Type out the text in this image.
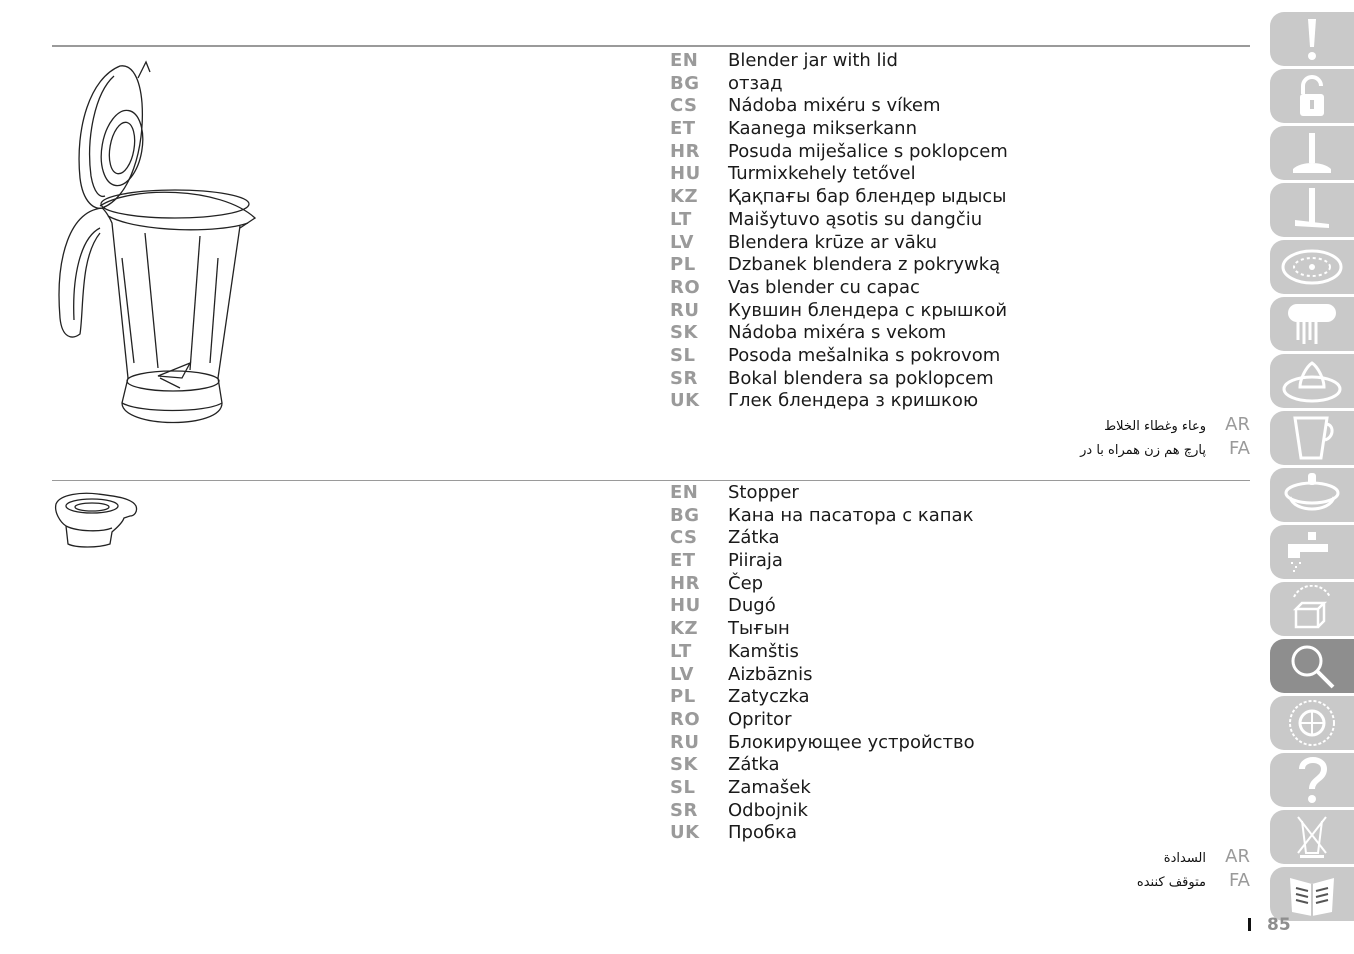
EN Blender jar with lid
BG отзад
CS Nádoba mixéru s víkem
ET Kaanega mikserkann
HR Posuda miješalice s poklopcem
HU Turmixkehely tetővel
KZ Қақпағы бар блендер ыдысы
LT Maišytuvo ąsotis su dangčiu
LV Blendera krūze ar vāku
PL Dzbanek blendera z pokrywką
RO Vas blender cu capac
RU Кувшин блендера с крышкой
SK Nádoba mixéra s vekom
SL Posoda mešalnika s pokrovom
SR Bokal blendera sa poklopcem
UK Глек блендера з кришкою
وعاء وغطاء الخلاط AR
پارچ هم زن همراه با در FA
EN Stopper
BG Кана на пасатора с капак
CS Zátka
ET Piiraja
HR Čep
HU Dugó
KZ Тығын
LT Kamštis
LV Aizbāznis
PL Zatyczka
RO Opritor
RU Блокирующее устройство
SK Zátka
SL Zamašek
SR Odbojnik
UK Пробка
السدادة AR
متوقف کننده FA
85
